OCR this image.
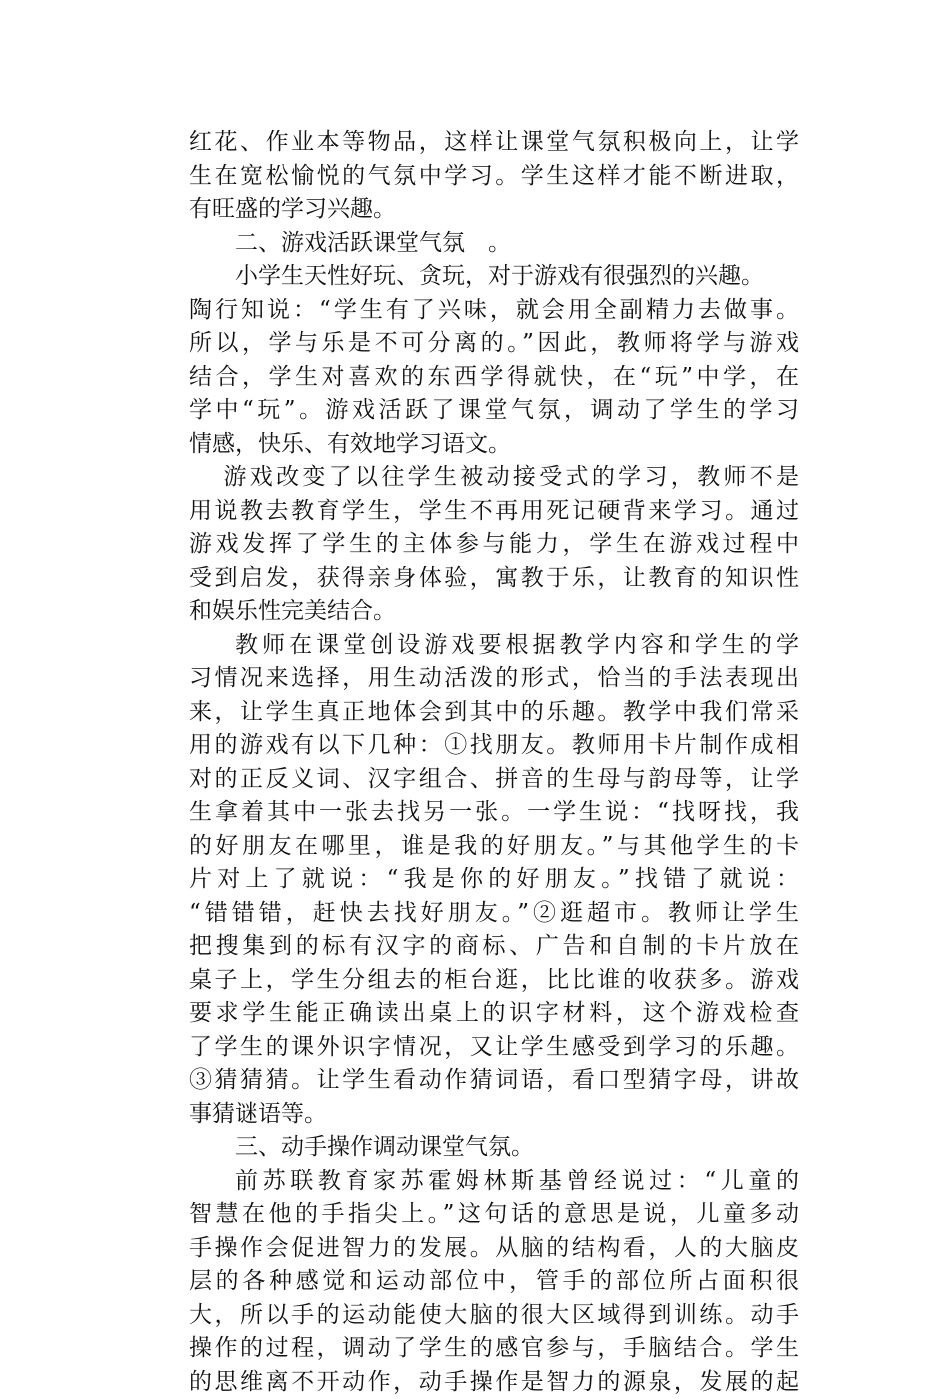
红花、作业本等物品，这样让课堂气氛积极向上，让学
生在宽松愉悦的气氛中学习。学生这样才能不断进取，
有旺盛的学习兴趣。
二、游戏活跃课堂气氛　。
小学生天性好玩、贪玩，对于游戏有很强烈的兴趣。
陶行知说：“学生有了兴味，就会用全副精力去做事。
所以，学与乐是不可分离的。”因此，教师将学与游戏
结合，学生对喜欢的东西学得就快，在“玩”中学，在
学中“玩”。游戏活跃了课堂气氛，调动了学生的学习
情感，快乐、有效地学习语文。
游戏改变了以往学生被动接受式的学习，教师不是
用说教去教育学生，学生不再用死记硬背来学习。通过
游戏发挥了学生的主体参与能力，学生在游戏过程中
受到启发，获得亲身体验，寓教于乐，让教育的知识性
和娱乐性完美结合。
教师在课堂创设游戏要根据教学内容和学生的学
习情况来选择，用生动活泼的形式，恰当的手法表现出
来，让学生真正地体会到其中的乐趣。教学中我们常采
用的游戏有以下几种：①找朋友。教师用卡片制作成相
对的正反义词、汉字组合、拼音的生母与韵母等，让学
生拿着其中一张去找另一张。一学生说：“找呀找，我
的好朋友在哪里，谁是我的好朋友。”与其他学生的卡
片对上了就说：“我是你的好朋友。”找错了就说：
“错错错，赶快去找好朋友。”②逛超市。教师让学生
把搜集到的标有汉字的商标、广告和自制的卡片放在
桌子上，学生分组去的柜台逛，比比谁的收获多。游戏
要求学生能正确读出桌上的识字材料，这个游戏检查
了学生的课外识字情况，又让学生感受到学习的乐趣。
③猜猜猜。让学生看动作猜词语，看口型猜字母，讲故
事猜谜语等。
三、动手操作调动课堂气氛。
前苏联教育家苏霍姆林斯基曾经说过：“儿童的
智慧在他的手指尖上。”这句话的意思是说，儿童多动
手操作会促进智力的发展。从脑的结构看，人的大脑皮
层的各种感觉和运动部位中，管手的部位所占面积很
大，所以手的运动能使大脑的很大区域得到训练。动手
操作的过程，调动了学生的感官参与，手脑结合。学生
的思维离不开动作，动手操作是智力的源泉，发展的起
